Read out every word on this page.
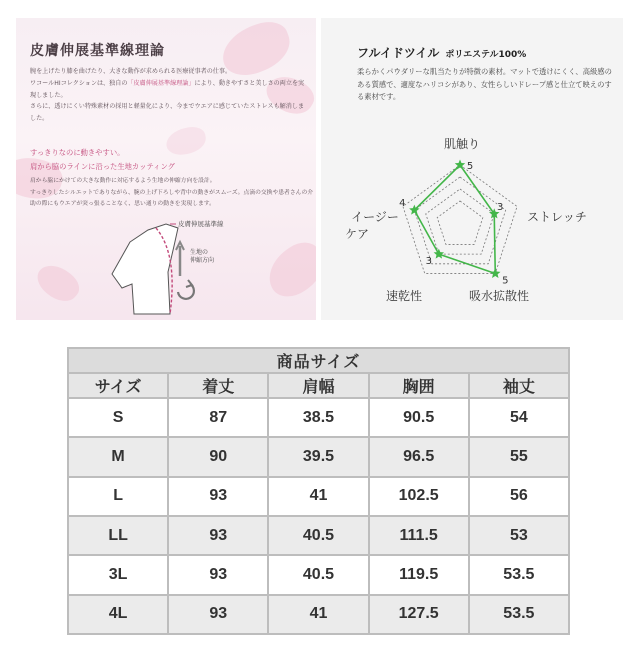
皮膚伸展基準線理論
腕を上げたり膝を曲げたり、大きな動作が求められる医療従事者の仕事。
ワコールHIコレクションは、独自の「皮膚伸展基準線理論」により、動きやすさと美しさの両立を実現しました。
さらに、透けにくい特殊素材の採用と軽量化により、今までウエアに感じていたストレスも解消しました。
すっきりなのに動きやすい。
肩から脇のラインに沿った生地カッティング
肩から脇にかけての大きな動作に対応するよう生地の伸縮方向を設計。
すっきりしたシルエットでありながら、腕の上げ下ろしや背中の動きがスムーズ。点滴の交換や患者さんの介助の際にもウエアが突っ張ることなく、思い通りの動きを実現します。
皮膚伸展基準線
生地の
伸縮方向
フルイドツイル ポリエステル100%
柔らかくパウダリーな肌当たりが特徴の素材。マットで透けにくく、高級感のある質感で、適度なハリコシがあり、女性らしいドレープ感と仕立て映えのする素材です。
5
3
5
3
4
肌触り
ストレッチ
吸水拡散性
速乾性
イージー
ケア
商品サイズ				
サイズ	着丈	肩幅	胸囲	袖丈
S	87	38.5	90.5	54
M	90	39.5	96.5	55
L	93	41	102.5	56
LL	93	40.5	111.5	53
3L	93	40.5	119.5	53.5
4L	93	41	127.5	53.5
